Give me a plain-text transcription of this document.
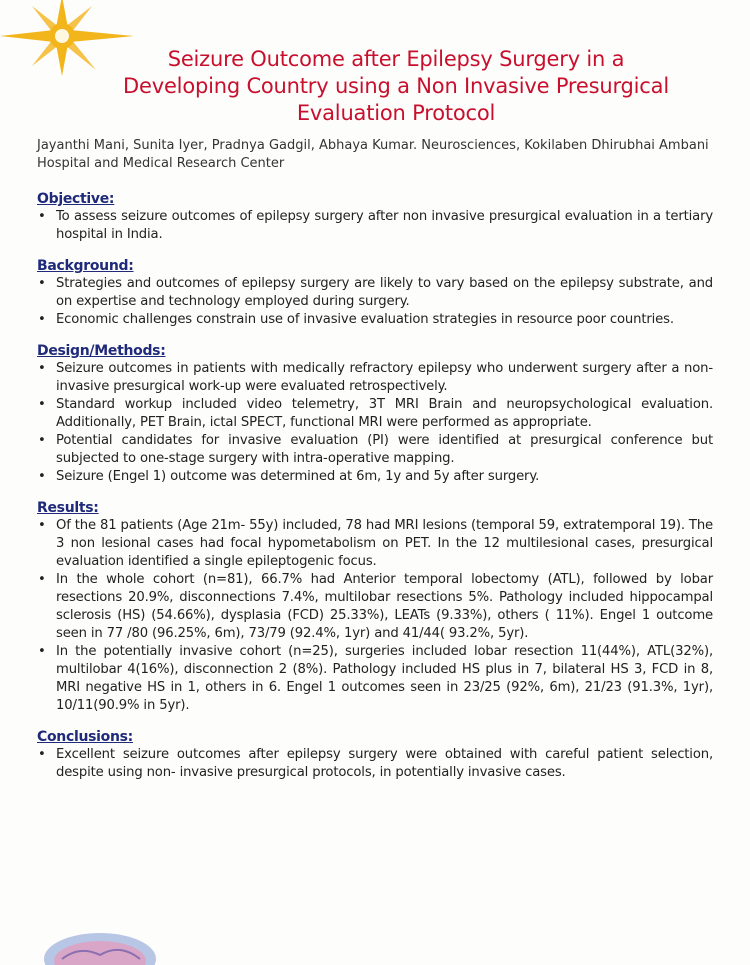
Seizure Outcome after Epilepsy Surgery in a
Developing Country using a Non Invasive Presurgical
Evaluation Protocol
Jayanthi Mani, Sunita Iyer, Pradnya Gadgil, Abhaya Kumar. Neurosciences, Kokilaben Dhirubhai Ambani Hospital and Medical Research Center
Objective:
• To assess seizure outcomes of epilepsy surgery after non invasive presurgical evaluation in a tertiary hospital in India.
Background:
• Strategies and outcomes of epilepsy surgery are likely to vary based on the epilepsy substrate, and on expertise and technology employed during surgery.
• Economic challenges constrain use of invasive evaluation strategies in resource poor countries.
Design/Methods:
• Seizure outcomes in patients with medically refractory epilepsy who underwent surgery after a non-invasive presurgical work-up were evaluated retrospectively.
• Standard workup included video telemetry, 3T MRI Brain and neuropsychological evaluation. Additionally, PET Brain, ictal SPECT, functional MRI were performed as appropriate.
• Potential candidates for invasive evaluation (PI) were identified at presurgical conference but subjected to one-stage surgery with intra-operative mapping.
• Seizure (Engel 1) outcome was determined at 6m, 1y and 5y after surgery.
Results:
• Of the 81 patients (Age 21m- 55y) included, 78 had MRI lesions (temporal 59, extratemporal 19). The 3 non lesional cases had focal hypometabolism on PET. In the 12 multilesional cases, presurgical evaluation identified a single epileptogenic focus.
• In the whole cohort (n=81), 66.7% had Anterior temporal lobectomy (ATL), followed by lobar resections 20.9%, disconnections 7.4%, multilobar resections 5%. Pathology included hippocampal sclerosis (HS) (54.66%), dysplasia (FCD) 25.33%), LEATs (9.33%), others ( 11%). Engel 1 outcome seen in 77 /80 (96.25%, 6m), 73/79 (92.4%, 1yr) and 41/44( 93.2%, 5yr).
• In the potentially invasive cohort (n=25), surgeries included lobar resection 11(44%), ATL(32%), multilobar 4(16%), disconnection 2 (8%). Pathology included HS plus in 7, bilateral HS 3, FCD in 8, MRI negative HS in 1, others in 6. Engel 1 outcomes seen in 23/25 (92%, 6m), 21/23 (91.3%, 1yr), 10/11(90.9% in 5yr).
Conclusions:
• Excellent seizure outcomes after epilepsy surgery were obtained with careful patient selection, despite using non- invasive presurgical protocols, in potentially invasive cases.
